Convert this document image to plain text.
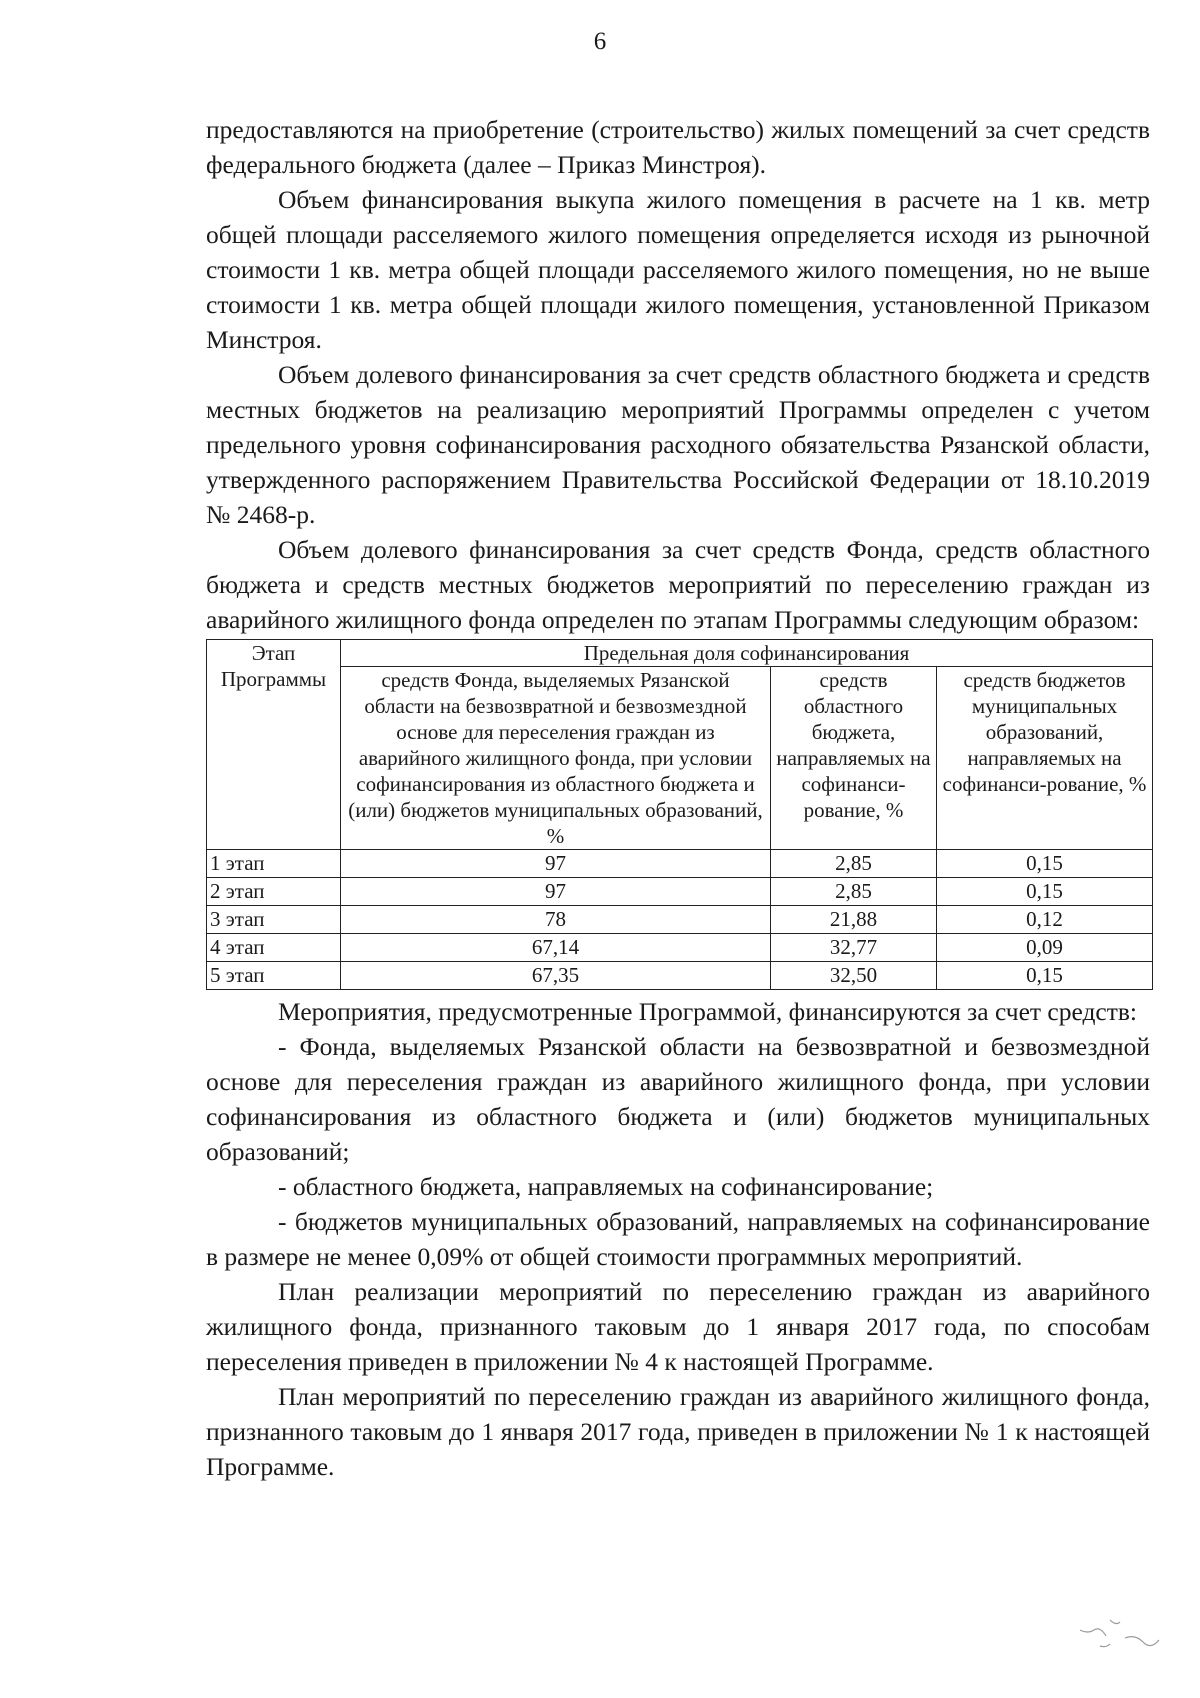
6

предоставляются на приобретение (строительство) жилых помещений за счет средств федерального бюджета (далее – Приказ Минстроя).

Объем финансирования выкупа жилого помещения в расчете на 1 кв. метр общей площади расселяемого жилого помещения определяется исходя из рыночной стоимости 1 кв. метра общей площади расселяемого жилого помещения, но не выше стоимости 1 кв. метра общей площади жилого помещения, установленной Приказом Минстроя.

Объем долевого финансирования за счет средств областного бюджета и средств местных бюджетов на реализацию мероприятий Программы определен с учетом предельного уровня софинансирования расходного обязательства Рязанской области, утвержденного распоряжением Правительства Российской Федерации от 18.10.2019 № 2468-р.

Объем долевого финансирования за счет средств Фонда, средств областного бюджета и средств местных бюджетов мероприятий по переселению граждан из аварийного жилищного фонда определен по этапам Программы следующим образом:

Этап Программы	Предельная доля софинансирования		
	средств Фонда, выделяемых Рязанской области на безвозвратной и безвозмездной основе для переселения граждан из аварийного жилищного фонда, при условии софинансирования из областного бюджета и (или) бюджетов муниципальных образований, %	средств областного бюджета, направляемых на софинанси-рование, %	средств бюджетов муниципальных образований, направляемых на софинанси-рование, %
1 этап	97	2,85	0,15
2 этап	97	2,85	0,15
3 этап	78	21,88	0,12
4 этап	67,14	32,77	0,09
5 этап	67,35	32,50	0,15

Мероприятия, предусмотренные Программой, финансируются за счет средств:

- Фонда, выделяемых Рязанской области на безвозвратной и безвозмездной основе для переселения граждан из аварийного жилищного фонда, при условии софинансирования из областного бюджета и (или) бюджетов муниципальных образований;

- областного бюджета, направляемых на софинансирование;

- бюджетов муниципальных образований, направляемых на софинансирование в размере не менее 0,09% от общей стоимости программных мероприятий.

План реализации мероприятий по переселению граждан из аварийного жилищного фонда, признанного таковым до 1 января 2017 года, по способам переселения приведен в приложении № 4 к настоящей Программе.

План мероприятий по переселению граждан из аварийного жилищного фонда, признанного таковым до 1 января 2017 года, приведен в приложении № 1 к настоящей Программе.
